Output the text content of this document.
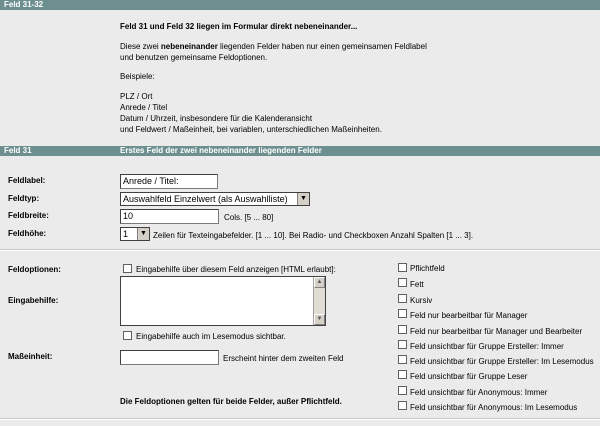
Feld 31-32
Feld 31 und Feld 32 liegen im Formular direkt nebeneinander...
Diese zwei nebeneinander liegenden Felder haben nur einen gemeinsamen Feldlabel
und benutzen gemeinsame Feldoptionen.
Beispiele:
PLZ / Ort
Anrede / Titel
Datum / Uhrzeit, insbesondere für die Kalenderansicht
und Feldwert / Maßeinheit, bei variablen, unterschiedlichen Maßeinheiten.
Feld 31	Erstes Feld der zwei nebeneinander liegenden Felder
Feldlabel:	Anrede / Titel:
Feldtyp:	Auswahlfeld Einzelwert (als Auswahlliste)	▼
Feldbreite:	10	Cols. [5 ... 80]
Feldhöhe:	1	▼ Zeilen für Texteingabefelder. [1 ... 10]. Bei Radio- und Checkboxen Anzahl Spalten [1 ... 3].
Feldoptionen:	Eingabehilfe über diesem Feld anzeigen [HTML erlaubt]:
Eingabehilfe:
▲
▼
Eingabehilfe auch im Lesemodus sichtbar.
Maßeinheit:	Erscheint hinter dem zweiten Feld
Die Feldoptionen gelten für beide Felder, außer Pflichtfeld.
Pflichtfeld
Fett
Kursiv
Feld nur bearbeitbar für Manager
Feld nur bearbeitbar für Manager und Bearbeiter
Feld unsichtbar für Gruppe Ersteller: Immer
Feld unsichtbar für Gruppe Ersteller: Im Lesemodus
Feld unsichtbar für Gruppe Leser
Feld unsichtbar für Anonymous: Immer
Feld unsichtbar für Anonymous: Im Lesemodus
